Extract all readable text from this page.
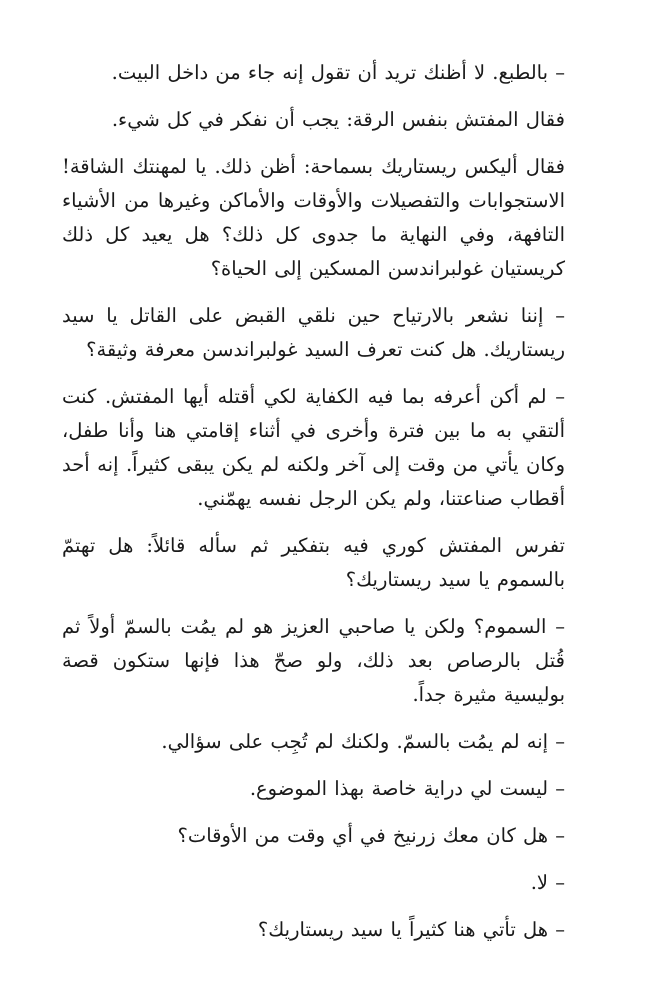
– بالطبع. لا أظنك تريد أن تقول إنه جاء من داخل البيت.

فقال المفتش بنفس الرقة: يجب أن نفكر في كل شيء.

فقال أليكس ريستاريك بسماحة: أظن ذلك. يا لمهنتك الشاقة! الاستجوابات والتفصيلات والأوقات والأماكن وغيرها من الأشياء التافهة، وفي النهاية ما جدوى كل ذلك؟ هل يعيد كل ذلك كريستيان غولبراندسن المسكين إلى الحياة؟

– إننا نشعر بالارتياح حين نلقي القبض على القاتل يا سيد ريستاريك. هل كنت تعرف السيد غولبراندسن معرفة وثيقة؟

– لم أكن أعرفه بما فيه الكفاية لكي أقتله أيها المفتش. كنت ألتقي به ما بين فترة وأخرى في أثناء إقامتي هنا وأنا طفل، وكان يأتي من وقت إلى آخر ولكنه لم يكن يبقى كثيراً. إنه أحد أقطاب صناعتنا، ولم يكن الرجل نفسه يهمّني.

تفرس المفتش كوري فيه بتفكير ثم سأله قائلاً: هل تهتمّ بالسموم يا سيد ريستاريك؟

– السموم؟ ولكن يا صاحبي العزيز هو لم يمُت بالسمّ أولاً ثم قُتل بالرصاص بعد ذلك، ولو صحّ هذا فإنها ستكون قصة بوليسية مثيرة جداً.

– إنه لم يمُت بالسمّ. ولكنك لم تُجِب على سؤالي.

– ليست لي دراية خاصة بهذا الموضوع.

– هل كان معك زرنيخ في أي وقت من الأوقات؟

– لا.

– هل تأتي هنا كثيراً يا سيد ريستاريك؟
